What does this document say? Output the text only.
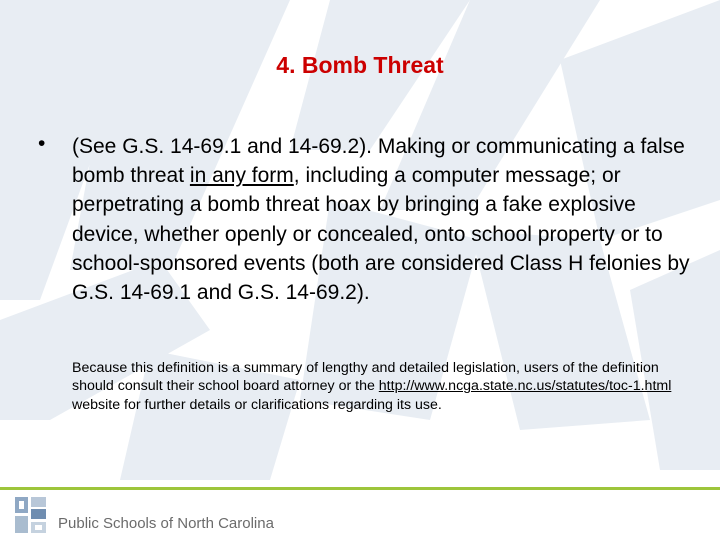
4. Bomb Threat
• (See G.S. 14-69.1 and 14-69.2). Making or communicating a false bomb threat in any form, including a computer message; or perpetrating a bomb threat hoax by bringing a fake explosive device, whether openly or concealed, onto school property or to school-sponsored events (both are considered Class H felonies by G.S. 14-69.1 and G.S. 14-69.2).
Because this definition is a summary of lengthy and detailed legislation, users of the definition should consult their school board attorney or the http://www.ncga.state.nc.us/statutes/toc-1.html website for further details or clarifications regarding its use.
Public Schools of North Carolina
